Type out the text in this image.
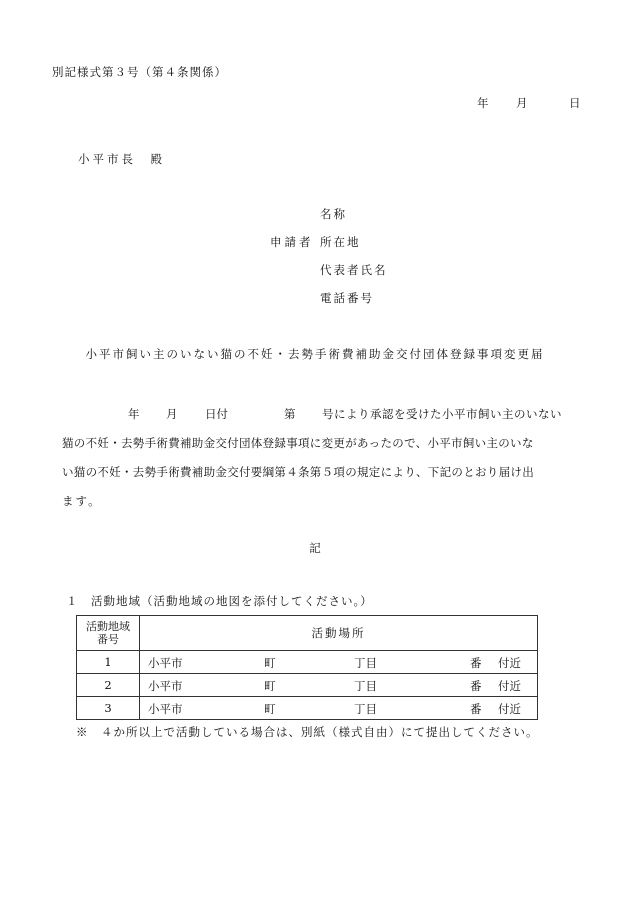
別記様式第３号（第４条関係）
年 月	日
小平市長　殿
申請者
名称
所在地
代表者氏名
電話番号
小平市飼い主のいない猫の不妊・去勢手術費補助金交付団体登録事項変更届
年 月 日付	第 号により承認を受けた小平市飼い主のいない
猫の不妊・去勢手術費補助金交付団体登録事項に変更があったので、小平市飼い主のいな
い猫の不妊・去勢手術費補助金交付要綱第４条第５項の規定により、下記のとおり届け出
ます。
記
１　活動地域（活動地域の地図を添付してください。）
活動地域
番号	活動場所
1	小平市 町 丁目 番 付近

2	小平市 町 丁目 番 付近

3	小平市 町 丁目 番 付近
※　４か所以上で活動している場合は、別紙（様式自由）にて提出してください。
